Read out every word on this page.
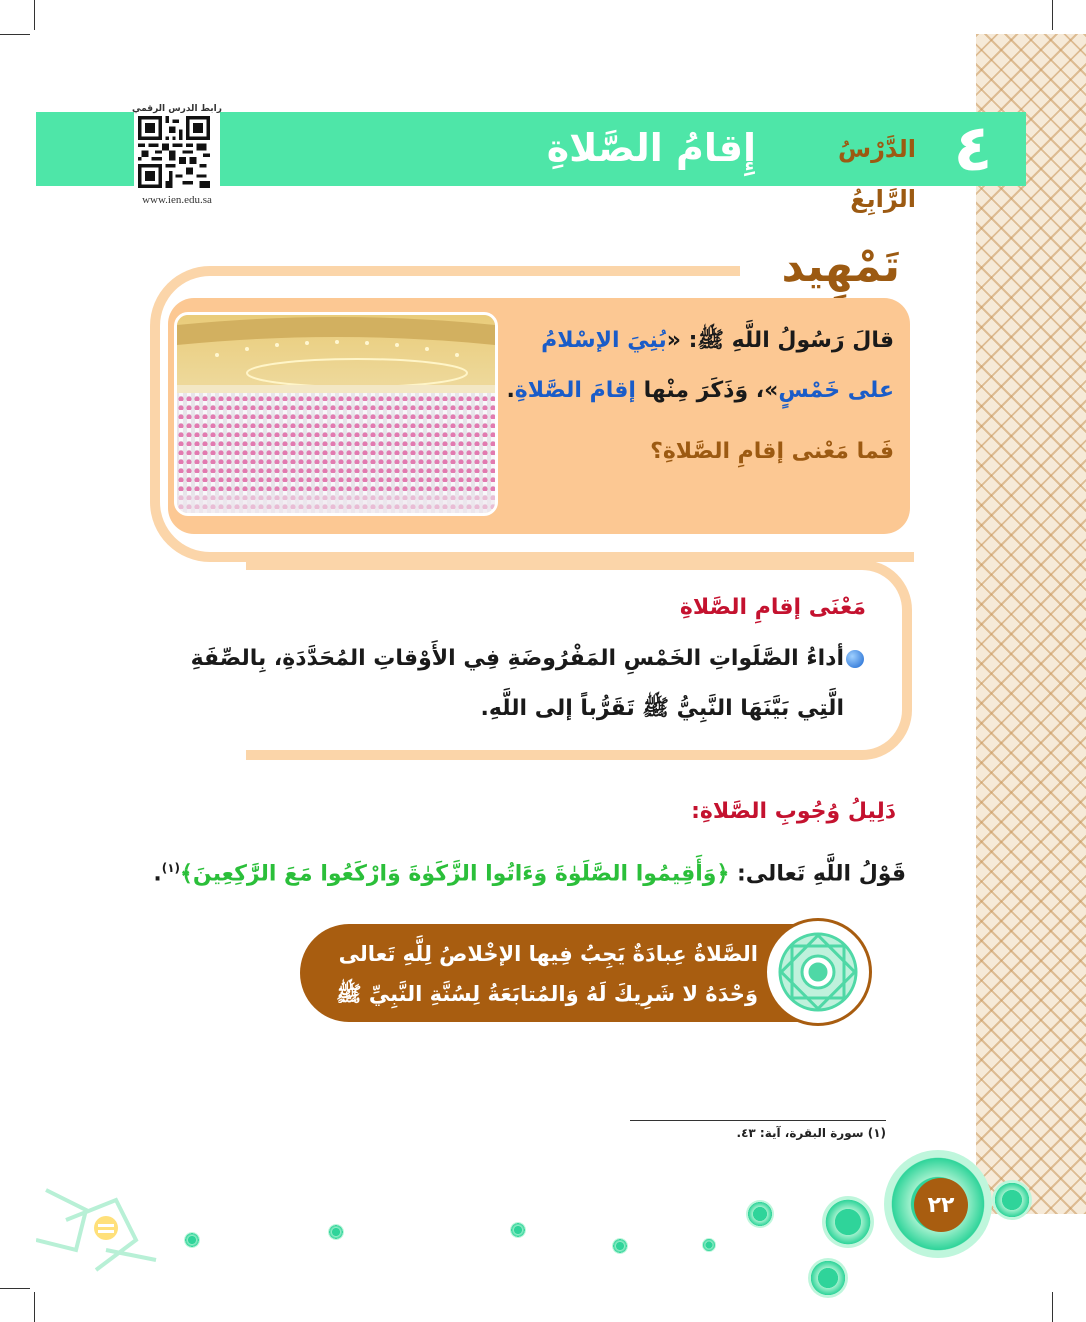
٤
الدَّرْسُ الرَّابِعُ
إِقامُ الصَّلاةِ
رابط الدرس الرقمي
www.ien.edu.sa
تَمْهِيد
قالَ رَسُولُ اللَّهِ ﷺ: «بُنِيَ الإسْلامُ على خَمْسٍ»، وَذَكَرَ مِنْها إقامَ الصَّلاةِ.
فَما مَعْنى إقامِ الصَّلاةِ؟
مَعْنَى إقامِ الصَّلاةِ
أداءُ الصَّلَواتِ الخَمْسِ المَفْرُوضَةِ فِي الأَوْقاتِ المُحَدَّدَةِ، بِالصِّفَةِ الَّتِي بَيَّنَهَا النَّبِيُّ ﷺ تَقَرُّباً إلى اللَّهِ.
دَلِيلُ وُجُوبِ الصَّلاةِ:
قَوْلُ اللَّهِ تَعالى: ﴿وَأَقِيمُوا الصَّلَوٰةَ وَءَاتُوا الزَّكَوٰةَ وَارْكَعُوا مَعَ الرَّٰكِعِينَ﴾$^{(١)}$.
الصَّلاةُ عِبادَةٌ يَجِبُ فِيها الإخْلاصُ لِلَّهِ تَعالى وَحْدَهُ لا شَرِيكَ لَهُ وَالمُتابَعَةُ لِسُنَّةِ النَّبِيِّ ﷺ فِيها.
(١) سورة البقرة، آية: ٤٣.
٢٢
